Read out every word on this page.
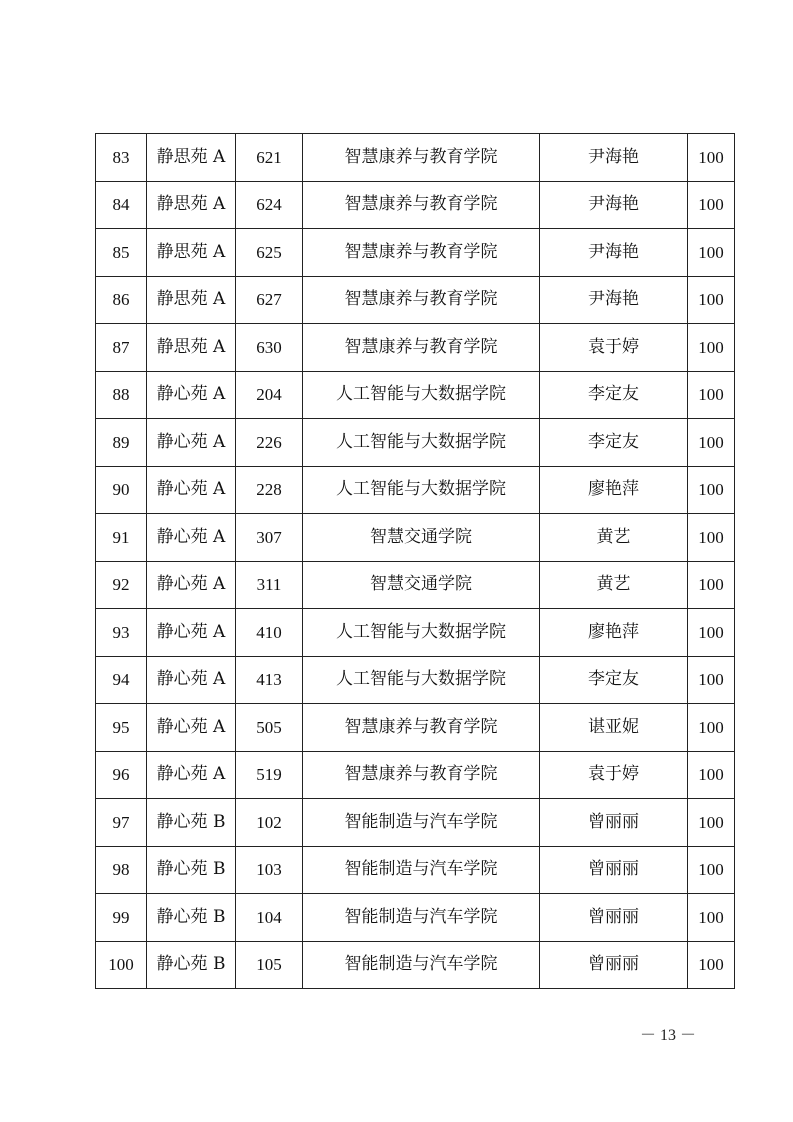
83	静思苑 A	621	智慧康养与教育学院	尹海艳	100
84	静思苑 A	624	智慧康养与教育学院	尹海艳	100
85	静思苑 A	625	智慧康养与教育学院	尹海艳	100
86	静思苑 A	627	智慧康养与教育学院	尹海艳	100
87	静思苑 A	630	智慧康养与教育学院	袁于婷	100
88	静心苑 A	204	人工智能与大数据学院	李定友	100
89	静心苑 A	226	人工智能与大数据学院	李定友	100
90	静心苑 A	228	人工智能与大数据学院	廖艳萍	100
91	静心苑 A	307	智慧交通学院	黄艺	100
92	静心苑 A	311	智慧交通学院	黄艺	100
93	静心苑 A	410	人工智能与大数据学院	廖艳萍	100
94	静心苑 A	413	人工智能与大数据学院	李定友	100
95	静心苑 A	505	智慧康养与教育学院	谌亚妮	100
96	静心苑 A	519	智慧康养与教育学院	袁于婷	100
97	静心苑 B	102	智能制造与汽车学院	曾丽丽	100
98	静心苑 B	103	智能制造与汽车学院	曾丽丽	100
99	静心苑 B	104	智能制造与汽车学院	曾丽丽	100
100	静心苑 B	105	智能制造与汽车学院	曾丽丽	100
－ 13 －
